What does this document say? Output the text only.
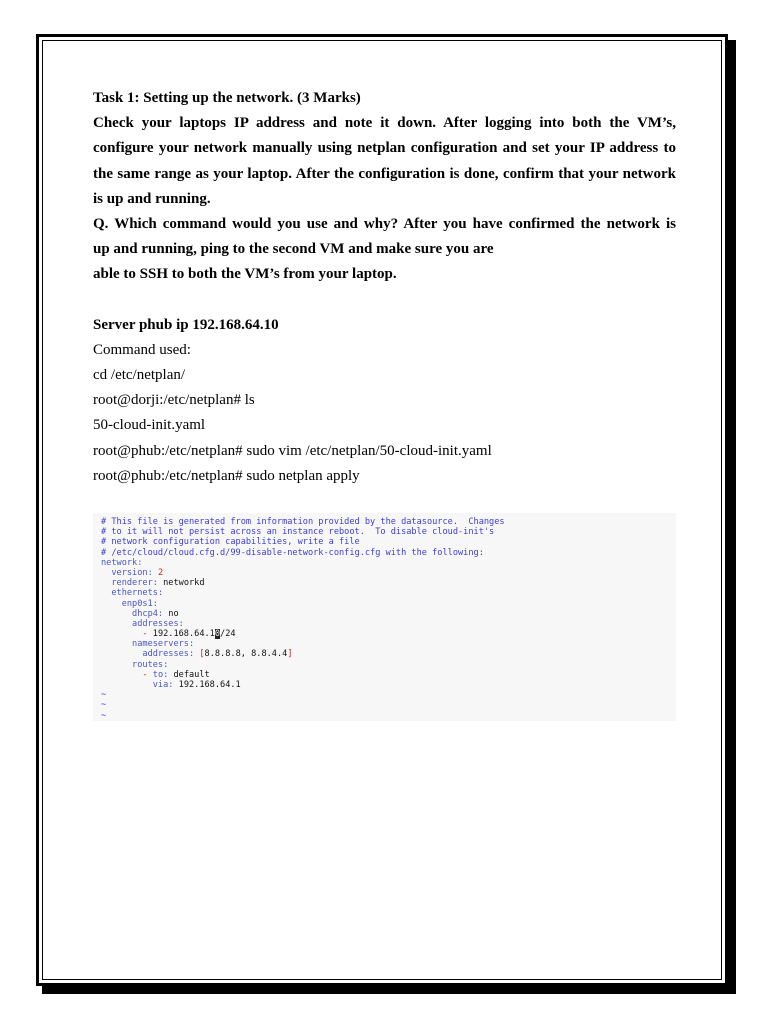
Task 1: Setting up the network. (3 Marks)

Check your laptops IP address and note it down. After logging into both the VM’s,

configure your network manually using netplan configuration and set your IP address to

the same range as your laptop. After the configuration is done, confirm that your network

is up and running.

Q. Which command would you use and why? After you have confirmed the network is

up and running, ping to the second VM and make sure you are

able to SSH to both the VM’s from your laptop.

Server phub ip 192.168.64.10

Command used:

cd /etc/netplan/

root@dorji:/etc/netplan# ls

50-cloud-init.yaml

root@phub:/etc/netplan# sudo vim /etc/netplan/50-cloud-init.yaml

root@phub:/etc/netplan# sudo netplan apply

# This file is generated from information provided by the datasource.  Changes
# to it will not persist across an instance reboot.  To disable cloud-init's
# network configuration capabilities, write a file
# /etc/cloud/cloud.cfg.d/99-disable-network-config.cfg with the following:
network:
version: 2
renderer: networkd
ethernets:
enp0s1:
dhcp4: no
addresses:
- 192.168.64.10/24
nameservers:
addresses: [8.8.8.8, 8.8.4.4]
routes:
- to: default
via: 192.168.64.1
~
~
~
